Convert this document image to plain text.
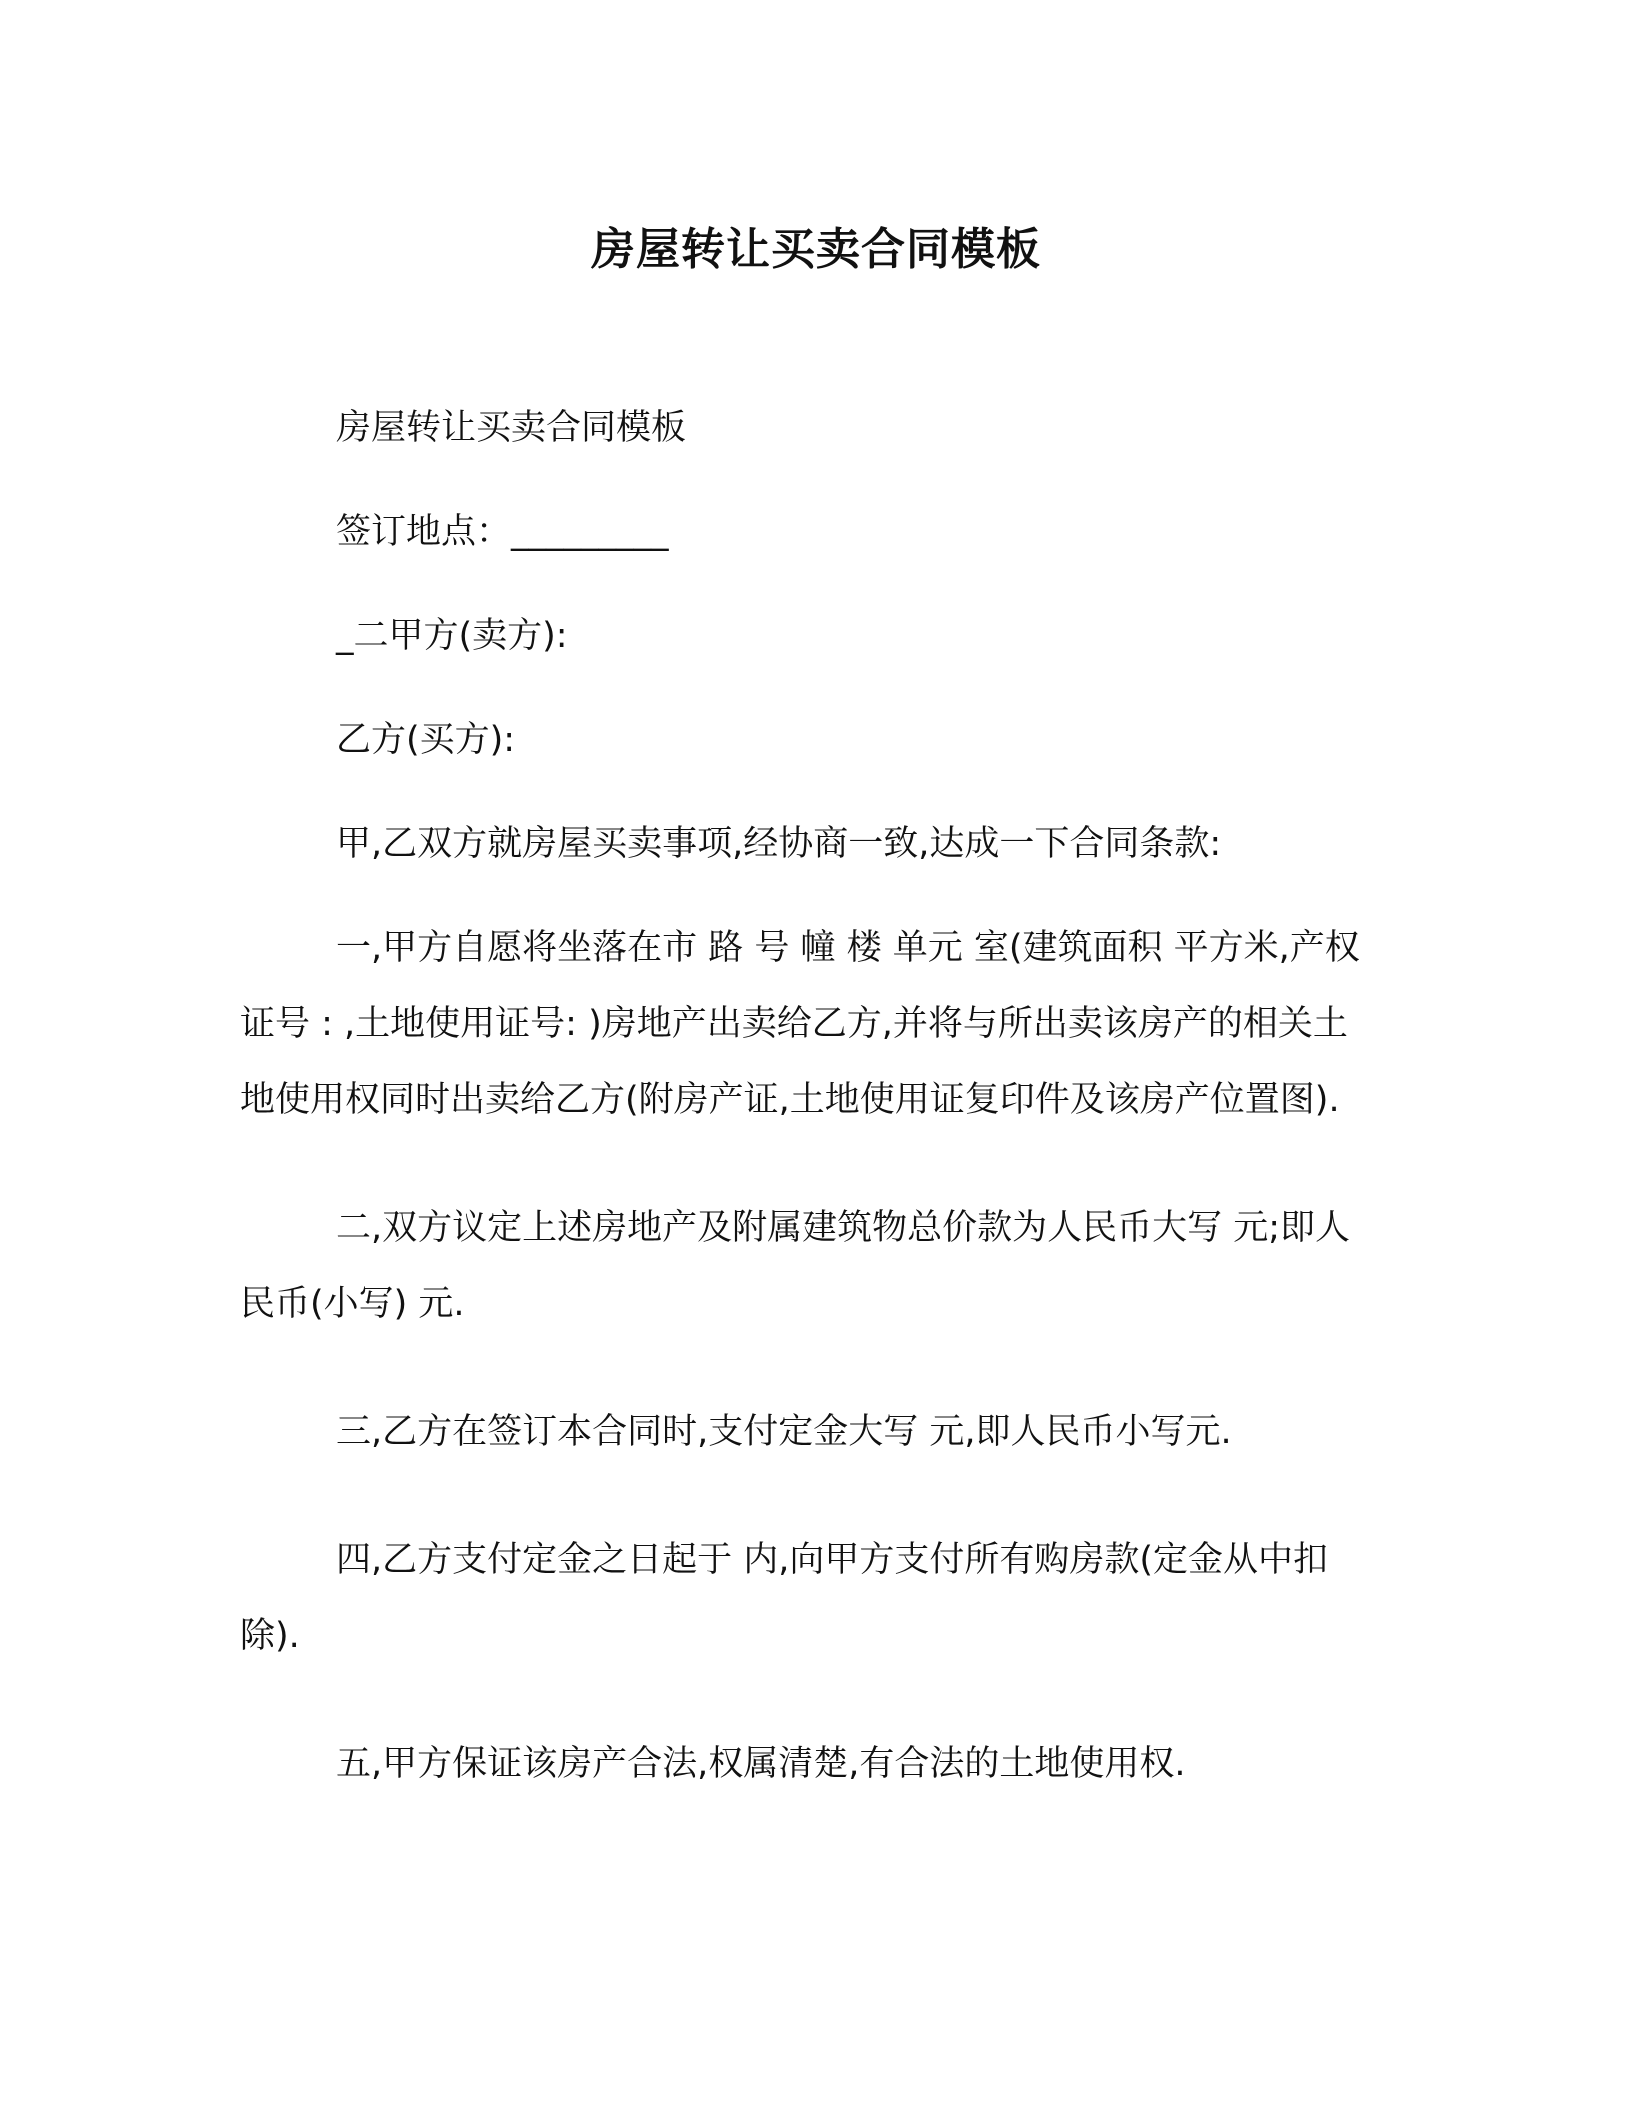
房屋转让买卖合同模板

房屋转让买卖合同模板

签订地点：_________

_二甲方(卖方):

乙方(买方):

甲,乙双方就房屋买卖事项,经协商一致,达成一下合同条款:

一,甲方自愿将坐落在市 路 号 幢 楼 单元 室(建筑面积 平方米,产权证号 : ,土地使用证号: )房地产出卖给乙方,并将与所出卖该房产的相关土地使用权同时出卖给乙方(附房产证,土地使用证复印件及该房产位置图).

二,双方议定上述房地产及附属建筑物总价款为人民币大写 元;即人民币(小写) 元.

三,乙方在签订本合同时,支付定金大写 元,即人民币小写元.

四,乙方支付定金之日起于 内,向甲方支付所有购房款(定金从中扣除).

五,甲方保证该房产合法,权属清楚,有合法的土地使用权.
